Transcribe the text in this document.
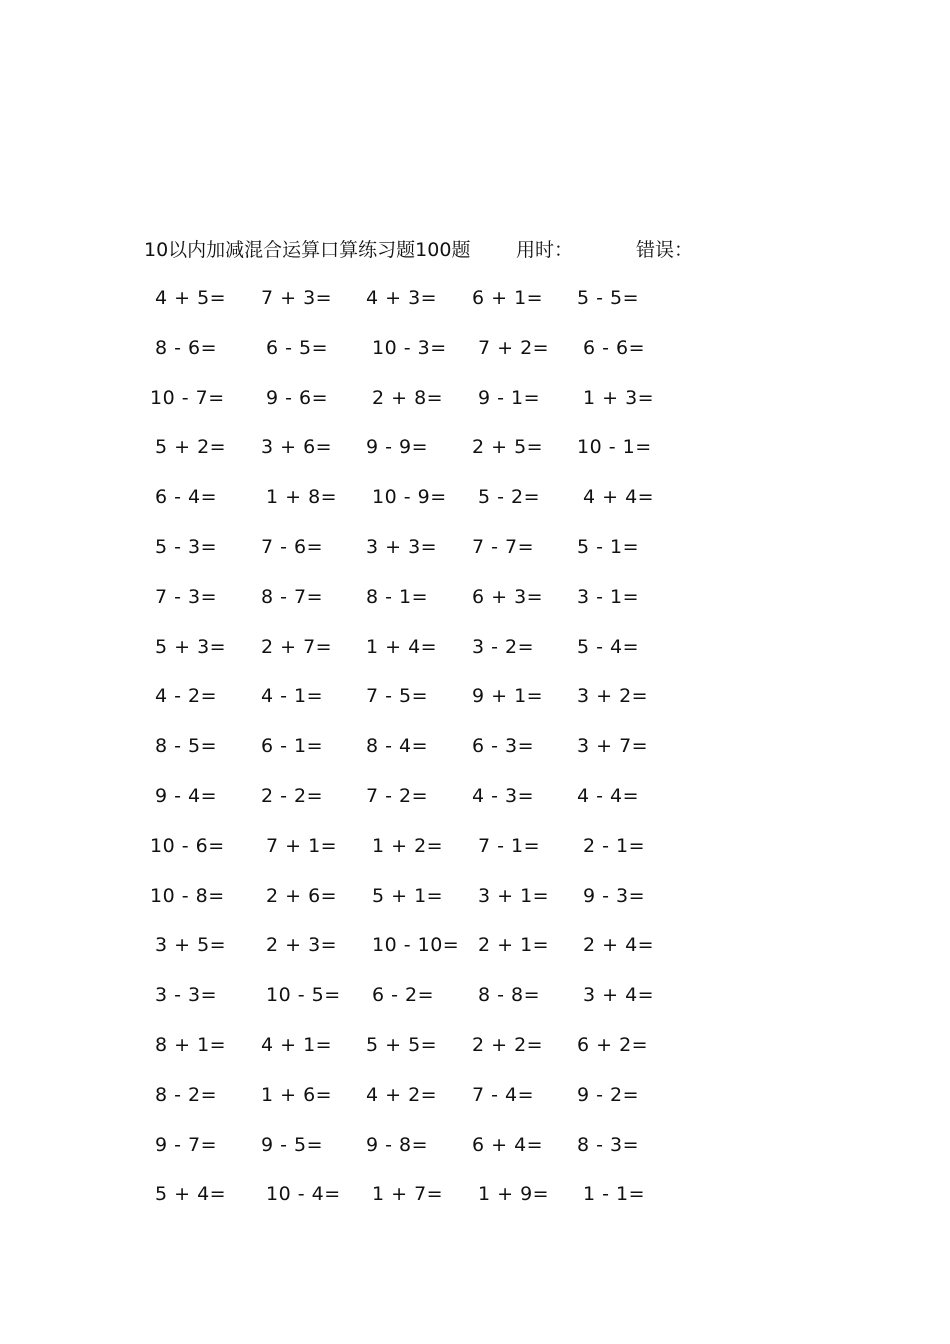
10以内加减混合运算口算练习题100题 用时：	错误：
4 + 5= 7 + 3= 4 + 3= 6 + 1= 5 - 5=
8 - 6=	6 - 5= 10 - 3= 7 + 2= 6 - 6=
10 - 7= 9 - 6= 2 + 8= 9 - 1= 1 + 3=
5 + 2= 3 + 6= 9 - 9= 2 + 5= 10 - 1=
6 - 4=	1 + 8= 10 - 9= 5 - 2= 4 + 4=
5 - 3= 7 - 6= 3 + 3= 7 - 7= 5 - 1=
7 - 3= 8 - 7= 8 - 1= 6 + 3= 3 - 1=
5 + 3= 2 + 7= 1 + 4= 3 - 2= 5 - 4=
4 - 2= 4 - 1= 7 - 5= 9 + 1= 3 + 2=
8 - 5= 6 - 1= 8 - 4= 6 - 3= 3 + 7=
9 - 4= 2 - 2= 7 - 2= 4 - 3= 4 - 4=
10 - 6= 7 + 1= 1 + 2= 7 - 1= 2 - 1=
10 - 8= 2 + 6= 5 + 1= 3 + 1= 9 - 3=
3 + 5= 2 + 3= 10 - 10= 2 + 1= 2 + 4=
3 - 3=	10 - 5= 6 - 2= 8 - 8= 3 + 4=
8 + 1= 4 + 1= 5 + 5= 2 + 2= 6 + 2=
8 - 2= 1 + 6= 4 + 2= 7 - 4= 9 - 2=
9 - 7= 9 - 5= 9 - 8= 6 + 4= 8 - 3=
5 + 4= 10 - 4= 1 + 7= 1 + 9= 1 - 1=
